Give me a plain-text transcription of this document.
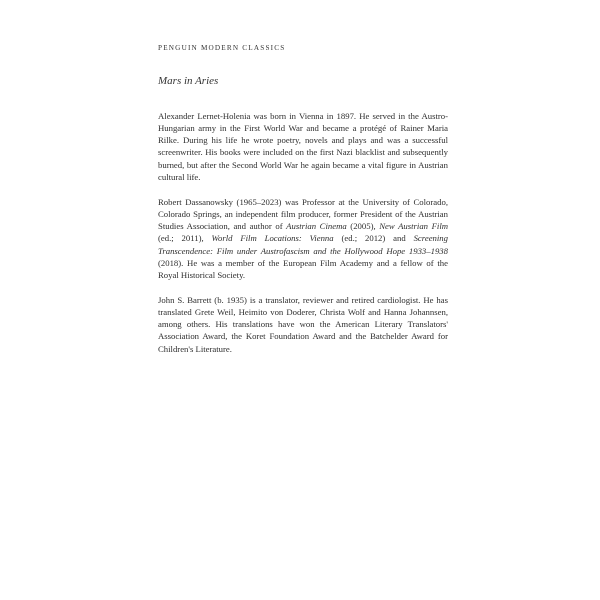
PENGUIN MODERN CLASSICS
Mars in Aries

Alexander Lernet-Holenia was born in Vienna in 1897. He served in the Austro-Hungarian army in the First World War and became a protégé of Rainer Maria Rilke. During his life he wrote poetry, novels and plays and was a successful screenwriter. His books were included on the first Nazi blacklist and subsequently burned, but after the Second World War he again became a vital figure in Austrian cultural life.

Robert Dassanowsky (1965–2023) was Professor at the University of Colorado, Colorado Springs, an independent film producer, former President of the Austrian Studies Association, and author of Austrian Cinema (2005), New Austrian Film (ed.; 2011), World Film Locations: Vienna (ed.; 2012) and Screening Transcendence: Film under Austrofascism and the Hollywood Hope 1933–1938 (2018). He was a member of the European Film Academy and a fellow of the Royal Historical Society.

John S. Barrett (b. 1935) is a translator, reviewer and retired cardiologist. He has translated Grete Weil, Heimito von Doderer, Christa Wolf and Hanna Johannsen, among others. His translations have won the American Literary Translators' Association Award, the Koret Foundation Award and the Batchelder Award for Children's Literature.
